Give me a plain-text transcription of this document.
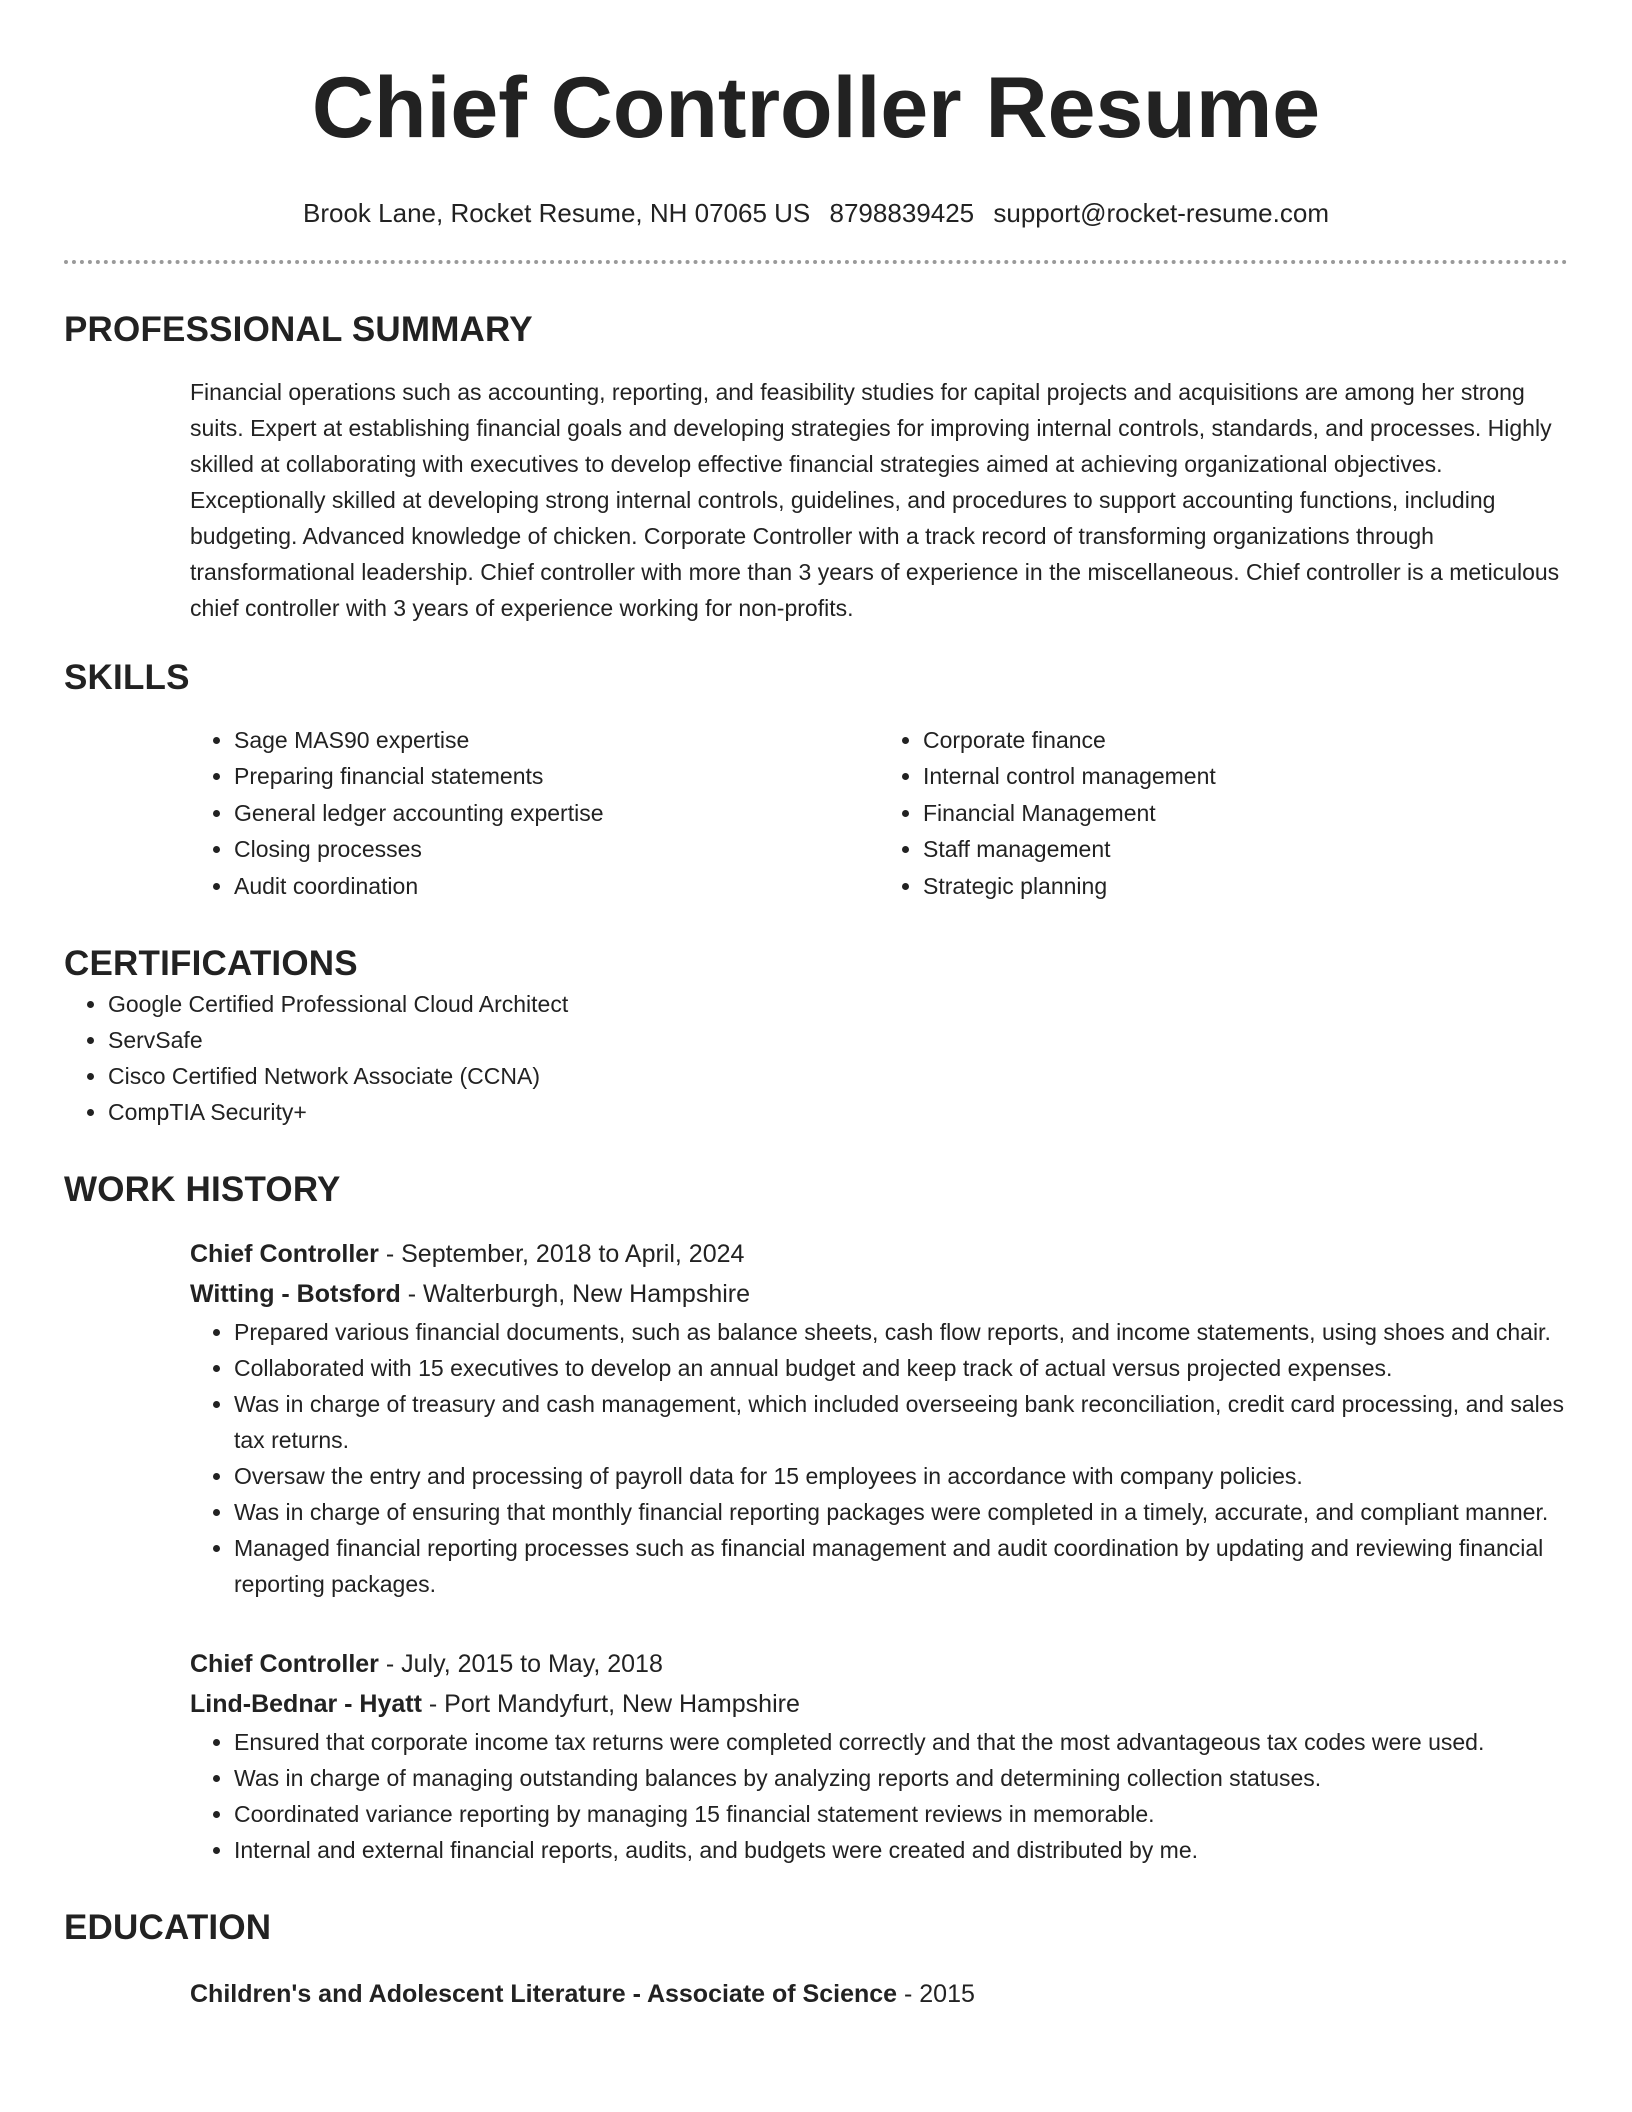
Chief Controller Resume
Brook Lane, Rocket Resume, NH 07065 US 8798839425 support@rocket-resume.com
PROFESSIONAL SUMMARY

Financial operations such as accounting, reporting, and feasibility studies for capital projects and acquisitions are among her strong suits. Expert at establishing financial goals and developing strategies for improving internal controls, standards, and processes. Highly skilled at collaborating with executives to develop effective financial strategies aimed at achieving organizational objectives. Exceptionally skilled at developing strong internal controls, guidelines, and procedures to support accounting functions, including budgeting. Advanced knowledge of chicken. Corporate Controller with a track record of transforming organizations through transformational leadership. Chief controller with more than 3 years of experience in the miscellaneous. Chief controller is a meticulous chief controller with 3 years of experience working for non-profits.

SKILLS
• Sage MAS90 expertise
• Preparing financial statements
• General ledger accounting expertise
• Closing processes
• Audit coordination
• Corporate finance
• Internal control management
• Financial Management
• Staff management
• Strategic planning
CERTIFICATIONS
• Google Certified Professional Cloud Architect
• ServSafe
• Cisco Certified Network Associate (CCNA)
• CompTIA Security+
WORK HISTORY
Chief Controller - September, 2018 to April, 2024
Witting - Botsford - Walterburgh, New Hampshire
• Prepared various financial documents, such as balance sheets, cash flow reports, and income statements, using shoes and chair.
• Collaborated with 15 executives to develop an annual budget and keep track of actual versus projected expenses.
• Was in charge of treasury and cash management, which included overseeing bank reconciliation, credit card processing, and sales tax returns.
• Oversaw the entry and processing of payroll data for 15 employees in accordance with company policies.
• Was in charge of ensuring that monthly financial reporting packages were completed in a timely, accurate, and compliant manner.
• Managed financial reporting processes such as financial management and audit coordination by updating and reviewing financial reporting packages.
Chief Controller - July, 2015 to May, 2018
Lind-Bednar - Hyatt - Port Mandyfurt, New Hampshire
• Ensured that corporate income tax returns were completed correctly and that the most advantageous tax codes were used.
• Was in charge of managing outstanding balances by analyzing reports and determining collection statuses.
• Coordinated variance reporting by managing 15 financial statement reviews in memorable.
• Internal and external financial reports, audits, and budgets were created and distributed by me.
EDUCATION
Children's and Adolescent Literature - Associate of Science - 2015
